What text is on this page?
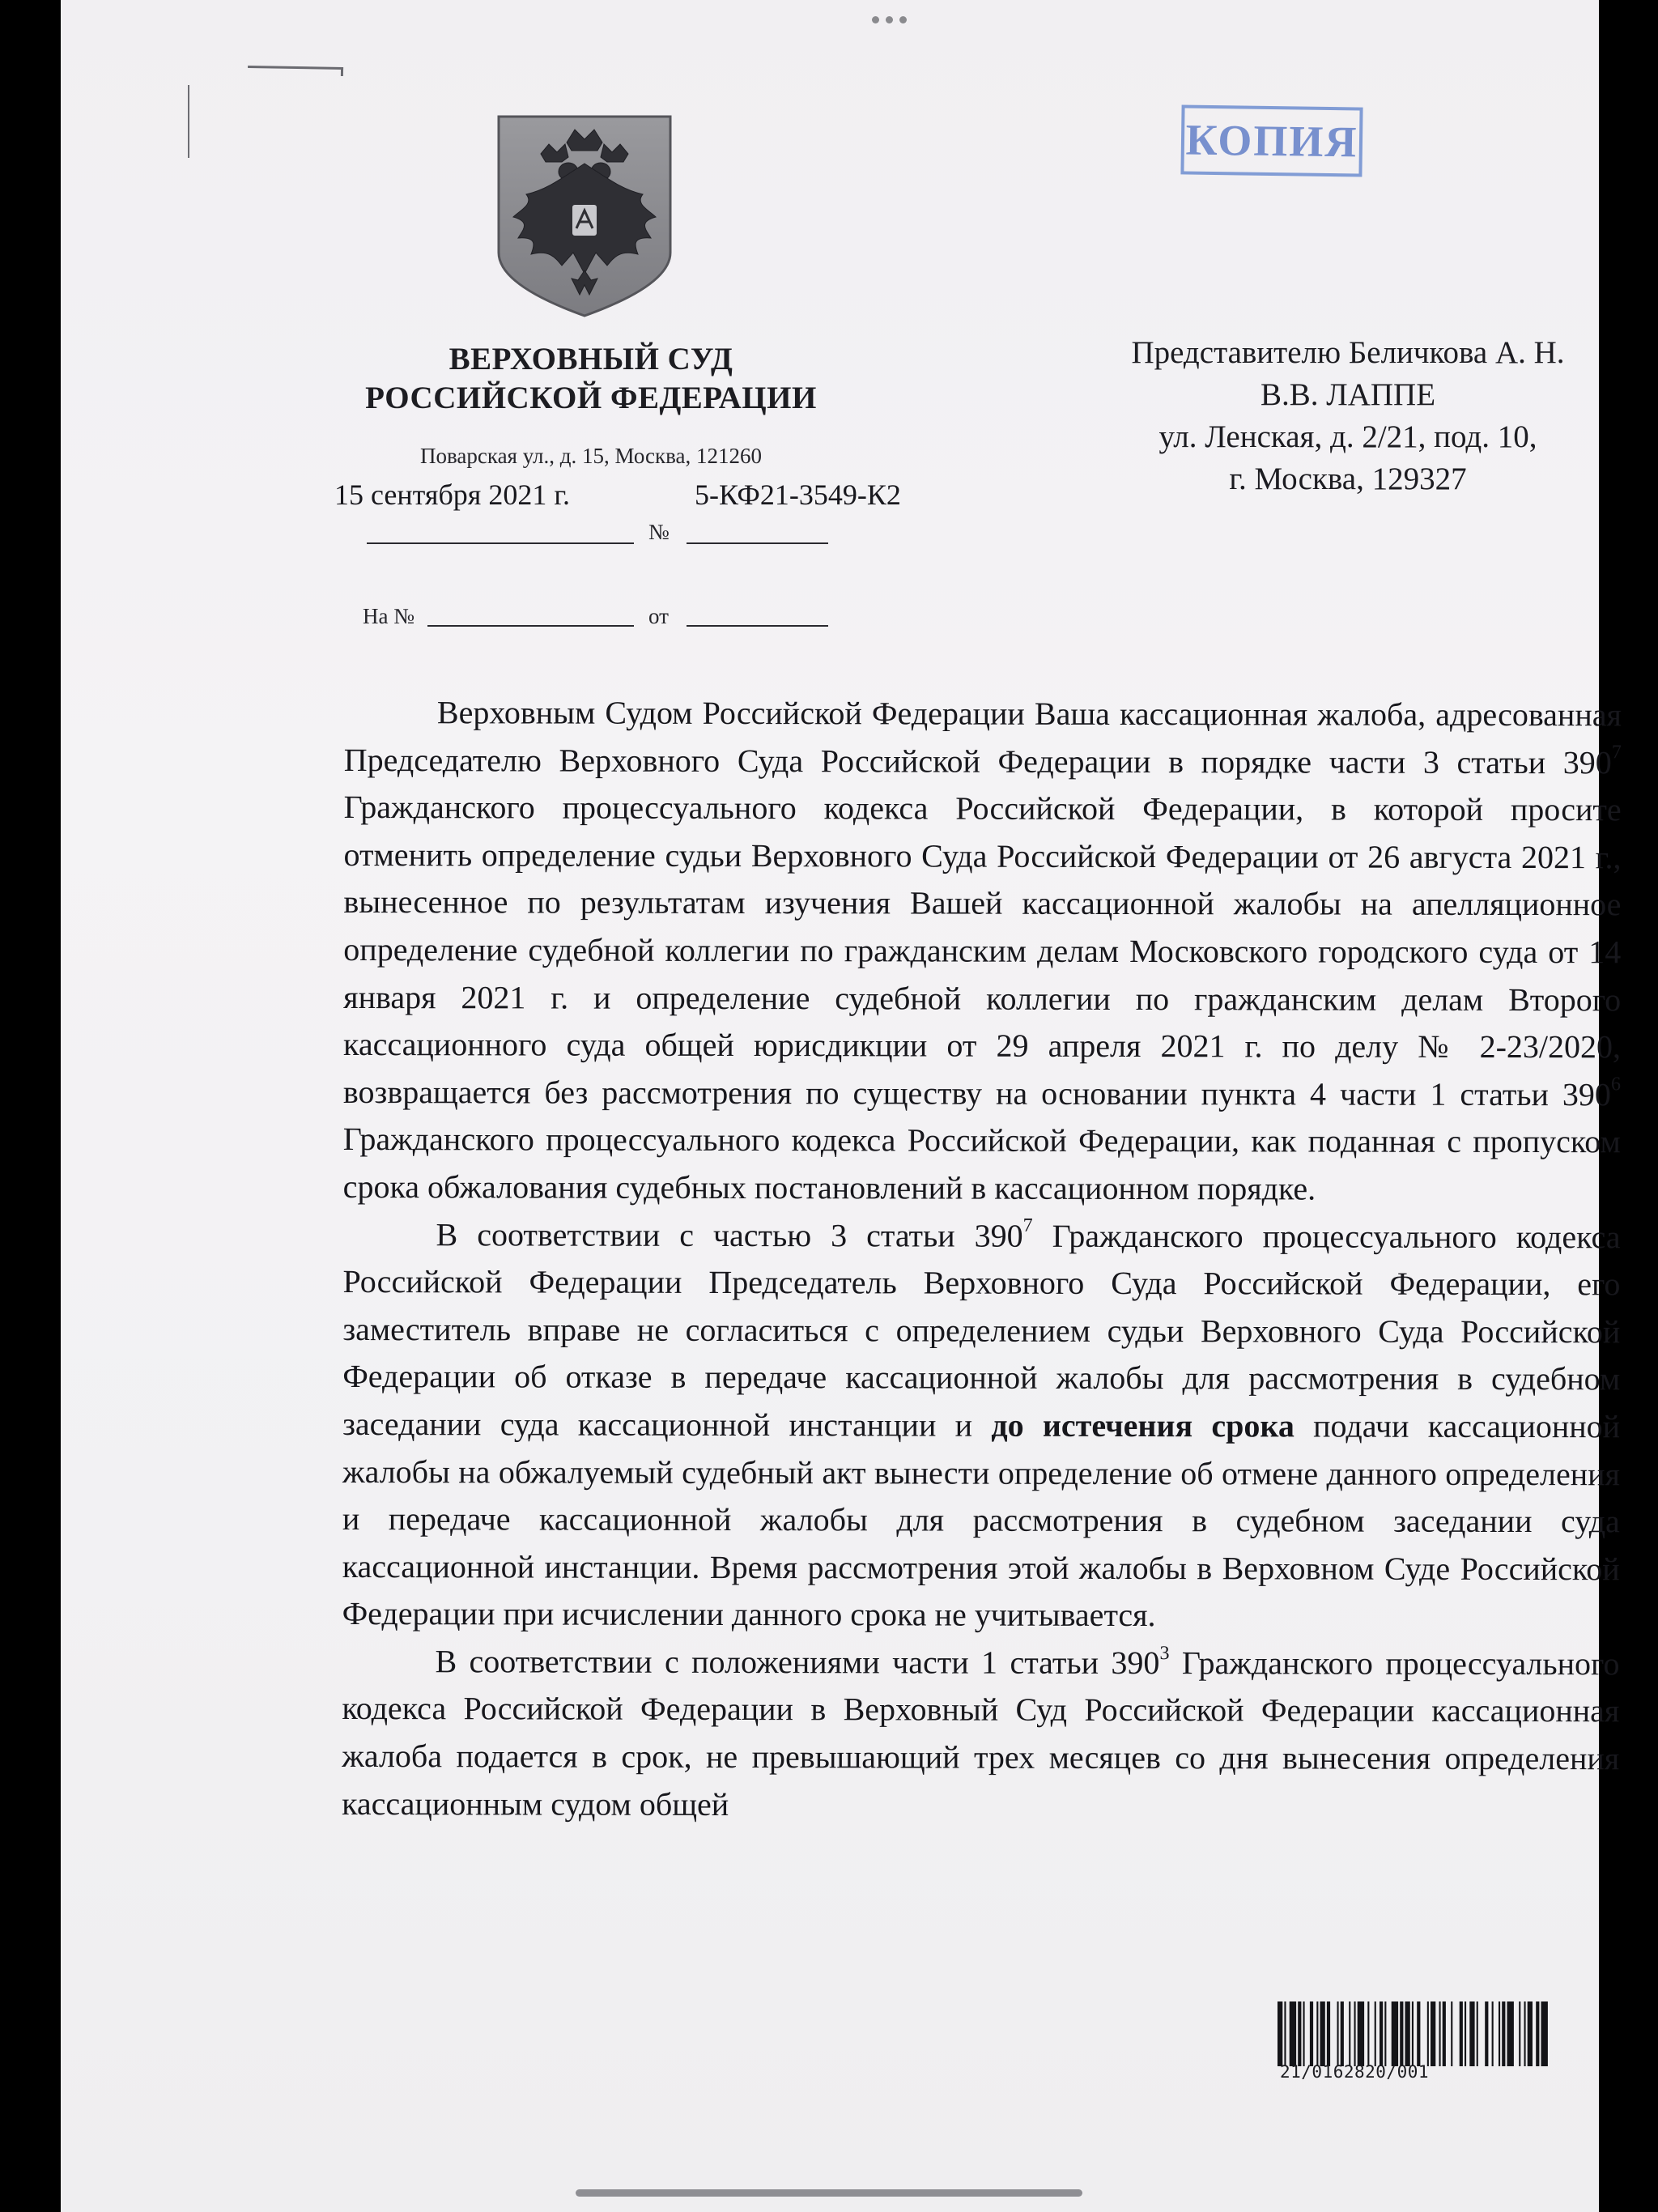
КОПИЯ
ВЕРХОВНЫЙ СУД
РОССИЙСКОЙ ФЕДЕРАЦИИ
Поварская ул., д. 15, Москва, 121260
15 сентября 2021 г.	5-КФ21-3549-К2
№
На №	от
Представителю Беличкова А. Н.
В.В. ЛАППЕ
ул. Ленская, д. 2/21, под. 10,
г. Москва, 129327

Верховным Судом Российской Федерации Ваша кассационная жалоба, адресованная Председателю Верховного Суда Российской Федерации в порядке части 3 статьи $390^7$ Гражданского процессуального кодекса Российской Федерации, в которой просите отменить определение судьи Верховного Суда Российской Федерации от 26 августа 2021 г., вынесенное по результатам изучения Вашей кассационной жалобы на апелляционное определение судебной коллегии по гражданским делам Московского городского суда от 14 января 2021 г. и определение судебной коллегии по гражданским делам Второго кассационного суда общей юрисдикции от 29 апреля 2021 г. по делу № 2-23/2020, возвращается без рассмотрения по существу на основании пункта 4 части 1 статьи $390^6$ Гражданского процессуального кодекса Российской Федерации, как поданная с пропуском срока обжалования судебных постановлений в кассационном порядке.

В соответствии с частью 3 статьи $390^7$ Гражданского процессуального кодекса Российской Федерации Председатель Верховного Суда Российской Федерации, его заместитель вправе не согласиться с определением судьи Верховного Суда Российской Федерации об отказе в передаче кассационной жалобы для рассмотрения в судебном заседании суда кассационной инстанции и до истечения срока подачи кассационной жалобы на обжалуемый судебный акт вынести определение об отмене данного определения и передаче кассационной жалобы для рассмотрения в судебном заседании суда кассационной инстанции. Время рассмотрения этой жалобы в Верховном Суде Российской Федерации при исчислении данного срока не учитывается.

В соответствии с положениями части 1 статьи $390^3$ Гражданского процессуального кодекса Российской Федерации в Верховный Суд Российской Федерации кассационная жалоба подается в срок, не превышающий трех месяцев со дня вынесения определения кассационным судом общей

21/0162820/001
